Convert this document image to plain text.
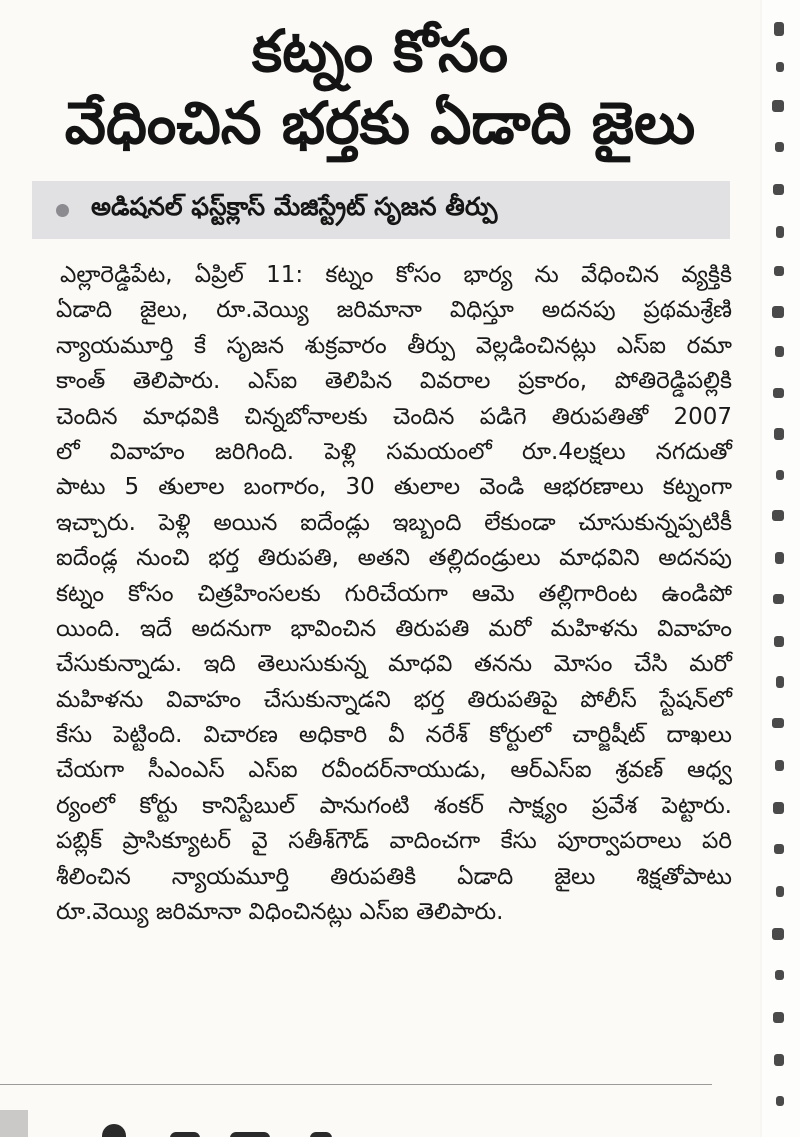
కట్నం కోసం
వేధించిన భర్తకు ఏడాది జైలు
అడిషనల్ ఫస్ట్‌క్లాస్ మేజిస్ట్రేట్ సృజన తీర్పు
ఎల్లారెడ్డిపేట, ఏప్రిల్ 11: కట్నం కోసం భార్య ను వేధించిన వ్యక్తికి
ఏడాది జైలు, రూ.వెయ్యి జరిమానా విధిస్తూ అదనపు ప్రథమశ్రేణి
న్యాయమూర్తి కే సృజన శుక్రవారం తీర్పు వెల్లడించినట్లు ఎస్ఐ రమా
కాంత్ తెలిపారు. ఎస్ఐ తెలిపిన వివరాల ప్రకారం, పోతిరెడ్డిపల్లికి
చెందిన మాధవికి చిన్నబోనాలకు చెందిన పడిగె తిరుపతితో 2007
లో వివాహం జరిగింది. పెళ్లి సమయంలో రూ.4లక్షలు నగదుతో
పాటు 5 తులాల బంగారం, 30 తులాల వెండి ఆభరణాలు కట్నంగా
ఇచ్చారు. పెళ్లి అయిన ఐదేండ్లు ఇబ్బంది లేకుండా చూసుకున్నప్పటికీ
ఐదేండ్ల నుంచి భర్త తిరుపతి, అతని తల్లిదండ్రులు మాధవిని అదనపు
కట్నం కోసం చిత్రహింసలకు గురిచేయగా ఆమె తల్లిగారింట ఉండిపో
యింది. ఇదే అదనుగా భావించిన తిరుపతి మరో మహిళను వివాహం
చేసుకున్నాడు. ఇది తెలుసుకున్న మాధవి తనను మోసం చేసి మరో
మహిళను వివాహం చేసుకున్నాడని భర్త తిరుపతిపై పోలీస్ స్టేషన్‌లో
కేసు పెట్టింది. విచారణ అధికారి వీ నరేశ్ కోర్టులో చార్జిషీట్ దాఖలు
చేయగా సీఎంఎస్ ఎస్ఐ రవీందర్‌నాయుడు, ఆర్ఎస్ఐ శ్రవణ్ ఆధ్వ
ర్యంలో కోర్టు కానిస్టేబుల్ పానుగంటి శంకర్ సాక్ష్యం ప్రవేశ పెట్టారు.
పబ్లిక్ ప్రాసిక్యూటర్ వై సతీశ్‌గౌడ్ వాదించగా కేసు పూర్వాపరాలు పరి
శీలించిన న్యాయమూర్తి తిరుపతికి ఏడాది జైలు శిక్షతోపాటు
రూ.వెయ్యి జరిమానా విధించినట్లు ఎస్ఐ తెలిపారు.
